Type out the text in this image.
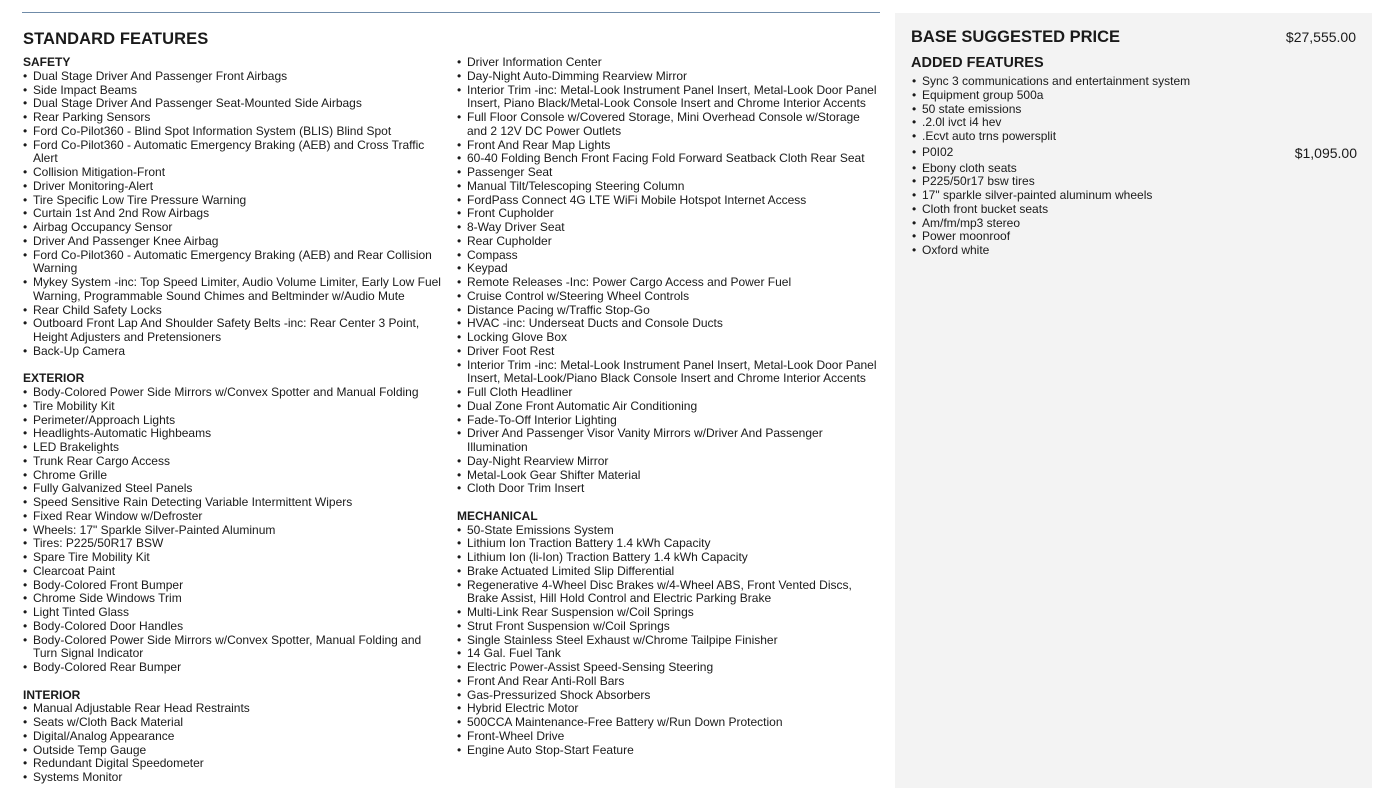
STANDARD FEATURES
SAFETY
• Dual Stage Driver And Passenger Front Airbags
• Side Impact Beams
• Dual Stage Driver And Passenger Seat-Mounted Side Airbags
• Rear Parking Sensors
• Ford Co-Pilot360 - Blind Spot Information System (BLIS) Blind Spot
• Ford Co-Pilot360 - Automatic Emergency Braking (AEB) and Cross Traffic Alert
• Collision Mitigation-Front
• Driver Monitoring-Alert
• Tire Specific Low Tire Pressure Warning
• Curtain 1st And 2nd Row Airbags
• Airbag Occupancy Sensor
• Driver And Passenger Knee Airbag
• Ford Co-Pilot360 - Automatic Emergency Braking (AEB) and Rear Collision Warning
• Mykey System -inc: Top Speed Limiter, Audio Volume Limiter, Early Low Fuel Warning, Programmable Sound Chimes and Beltminder w/Audio Mute
• Rear Child Safety Locks
• Outboard Front Lap And Shoulder Safety Belts -inc: Rear Center 3 Point, Height Adjusters and Pretensioners
• Back-Up Camera
EXTERIOR
• Body-Colored Power Side Mirrors w/Convex Spotter and Manual Folding
• Tire Mobility Kit
• Perimeter/Approach Lights
• Headlights-Automatic Highbeams
• LED Brakelights
• Trunk Rear Cargo Access
• Chrome Grille
• Fully Galvanized Steel Panels
• Speed Sensitive Rain Detecting Variable Intermittent Wipers
• Fixed Rear Window w/Defroster
• Wheels: 17" Sparkle Silver-Painted Aluminum
• Tires: P225/50R17 BSW
• Spare Tire Mobility Kit
• Clearcoat Paint
• Body-Colored Front Bumper
• Chrome Side Windows Trim
• Light Tinted Glass
• Body-Colored Door Handles
• Body-Colored Power Side Mirrors w/Convex Spotter, Manual Folding and Turn Signal Indicator
• Body-Colored Rear Bumper
INTERIOR
• Manual Adjustable Rear Head Restraints
• Seats w/Cloth Back Material
• Digital/Analog Appearance
• Outside Temp Gauge
• Redundant Digital Speedometer
• Systems Monitor
• Driver Information Center
• Day-Night Auto-Dimming Rearview Mirror
• Interior Trim -inc: Metal-Look Instrument Panel Insert, Metal-Look Door Panel Insert, Piano Black/Metal-Look Console Insert and Chrome Interior Accents
• Full Floor Console w/Covered Storage, Mini Overhead Console w/Storage and 2 12V DC Power Outlets
• Front And Rear Map Lights
• 60-40 Folding Bench Front Facing Fold Forward Seatback Cloth Rear Seat
• Passenger Seat
• Manual Tilt/Telescoping Steering Column
• FordPass Connect 4G LTE WiFi Mobile Hotspot Internet Access
• Front Cupholder
• 8-Way Driver Seat
• Rear Cupholder
• Compass
• Keypad
• Remote Releases -Inc: Power Cargo Access and Power Fuel
• Cruise Control w/Steering Wheel Controls
• Distance Pacing w/Traffic Stop-Go
• HVAC -inc: Underseat Ducts and Console Ducts
• Locking Glove Box
• Driver Foot Rest
• Interior Trim -inc: Metal-Look Instrument Panel Insert, Metal-Look Door Panel Insert, Metal-Look/Piano Black Console Insert and Chrome Interior Accents
• Full Cloth Headliner
• Dual Zone Front Automatic Air Conditioning
• Fade-To-Off Interior Lighting
• Driver And Passenger Visor Vanity Mirrors w/Driver And Passenger Illumination
• Day-Night Rearview Mirror
• Metal-Look Gear Shifter Material
• Cloth Door Trim Insert
MECHANICAL
• 50-State Emissions System
• Lithium Ion Traction Battery 1.4 kWh Capacity
• Lithium Ion (li-Ion) Traction Battery 1.4 kWh Capacity
• Brake Actuated Limited Slip Differential
• Regenerative 4-Wheel Disc Brakes w/4-Wheel ABS, Front Vented Discs, Brake Assist, Hill Hold Control and Electric Parking Brake
• Multi-Link Rear Suspension w/Coil Springs
• Strut Front Suspension w/Coil Springs
• Single Stainless Steel Exhaust w/Chrome Tailpipe Finisher
• 14 Gal. Fuel Tank
• Electric Power-Assist Speed-Sensing Steering
• Front And Rear Anti-Roll Bars
• Gas-Pressurized Shock Absorbers
• Hybrid Electric Motor
• 500CCA Maintenance-Free Battery w/Run Down Protection
• Front-Wheel Drive
• Engine Auto Stop-Start Feature
BASE SUGGESTED PRICE	$27,555.00
ADDED FEATURES
• Sync 3 communications and entertainment system
• Equipment group 500a
• 50 state emissions
• .2.0l ivct i4 hev
• .Ecvt auto trns powersplit
• P0I02	$1,095.00
• Ebony cloth seats
• P225/50r17 bsw tires
• 17" sparkle silver-painted aluminum wheels
• Cloth front bucket seats
• Am/fm/mp3 stereo
• Power moonroof
• Oxford white
